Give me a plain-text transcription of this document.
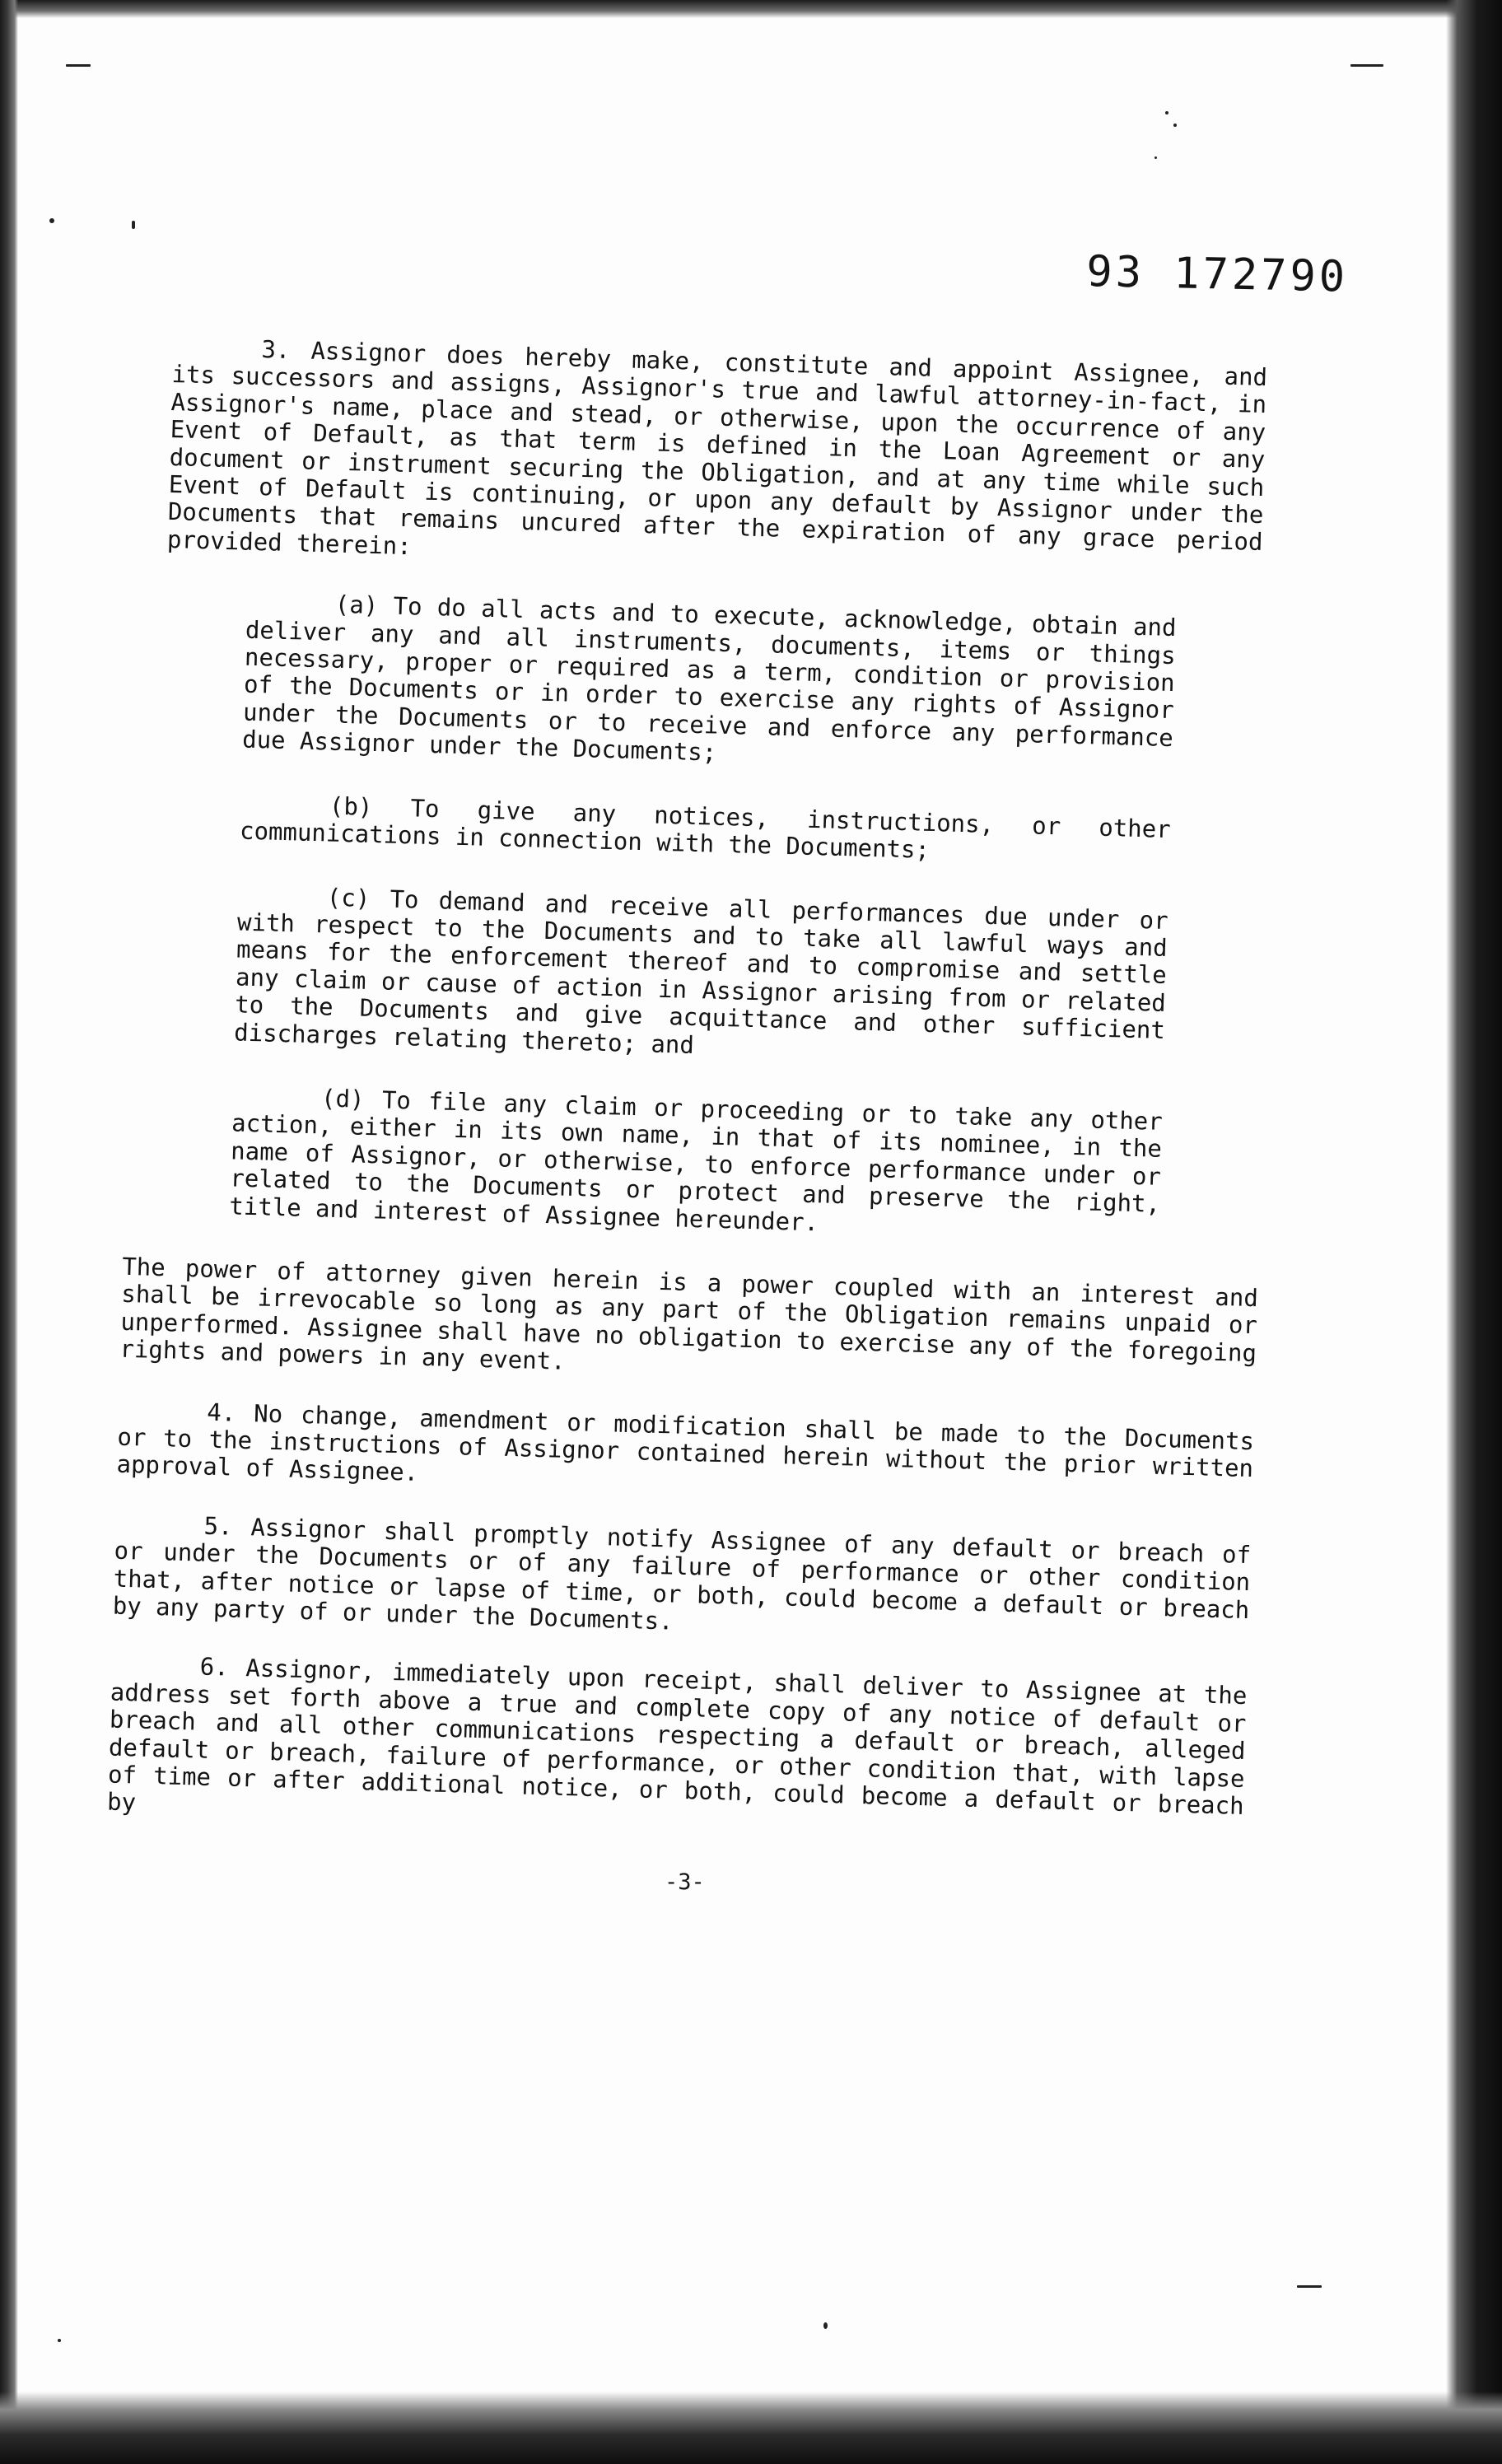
93 172790

3. Assignor does hereby make, constitute and appoint Assignee, and its successors and assigns, Assignor's true and lawful attorney-in-fact, in Assignor's name, place and stead, or otherwise, upon the occurrence of any Event of Default, as that term is defined in the Loan Agreement or any document or instrument securing the Obligation, and at any time while such Event of Default is continuing, or upon any default by Assignor under the Documents that remains uncured after the expiration of any grace period provided therein:

(a) To do all acts and to execute, acknowledge, obtain and deliver any and all instruments, documents, items or things necessary, proper or required as a term, condition or provision of the Documents or in order to exercise any rights of Assignor under the Documents or to receive and enforce any performance due Assignor under the Documents;

(b) To give any notices, instructions, or other communications in connection with the Documents;

(c) To demand and receive all performances due under or with respect to the Documents and to take all lawful ways and means for the enforcement thereof and to compromise and settle any claim or cause of action in Assignor arising from or related to the Documents and give acquittance and other sufficient discharges relating thereto; and

(d) To file any claim or proceeding or to take any other action, either in its own name, in that of its nominee, in the name of Assignor, or otherwise, to enforce performance under or related to the Documents or protect and preserve the right, title and interest of Assignee hereunder.

The power of attorney given herein is a power coupled with an interest and shall be irrevocable so long as any part of the Obligation remains unpaid or unperformed. Assignee shall have no obligation to exercise any of the foregoing rights and powers in any event.

4. No change, amendment or modification shall be made to the Documents or to the instructions of Assignor contained herein without the prior written approval of Assignee.

5. Assignor shall promptly notify Assignee of any default or breach of or under the Documents or of any failure of performance or other condition that, after notice or lapse of time, or both, could become a default or breach by any party of or under the Documents.

6. Assignor, immediately upon receipt, shall deliver to Assignee at the address set forth above a true and complete copy of any notice of default or breach and all other communications respecting a default or breach, alleged default or breach, failure of performance, or other condition that, with lapse of time or after additional notice, or both, could become a default or breach by

-3-
